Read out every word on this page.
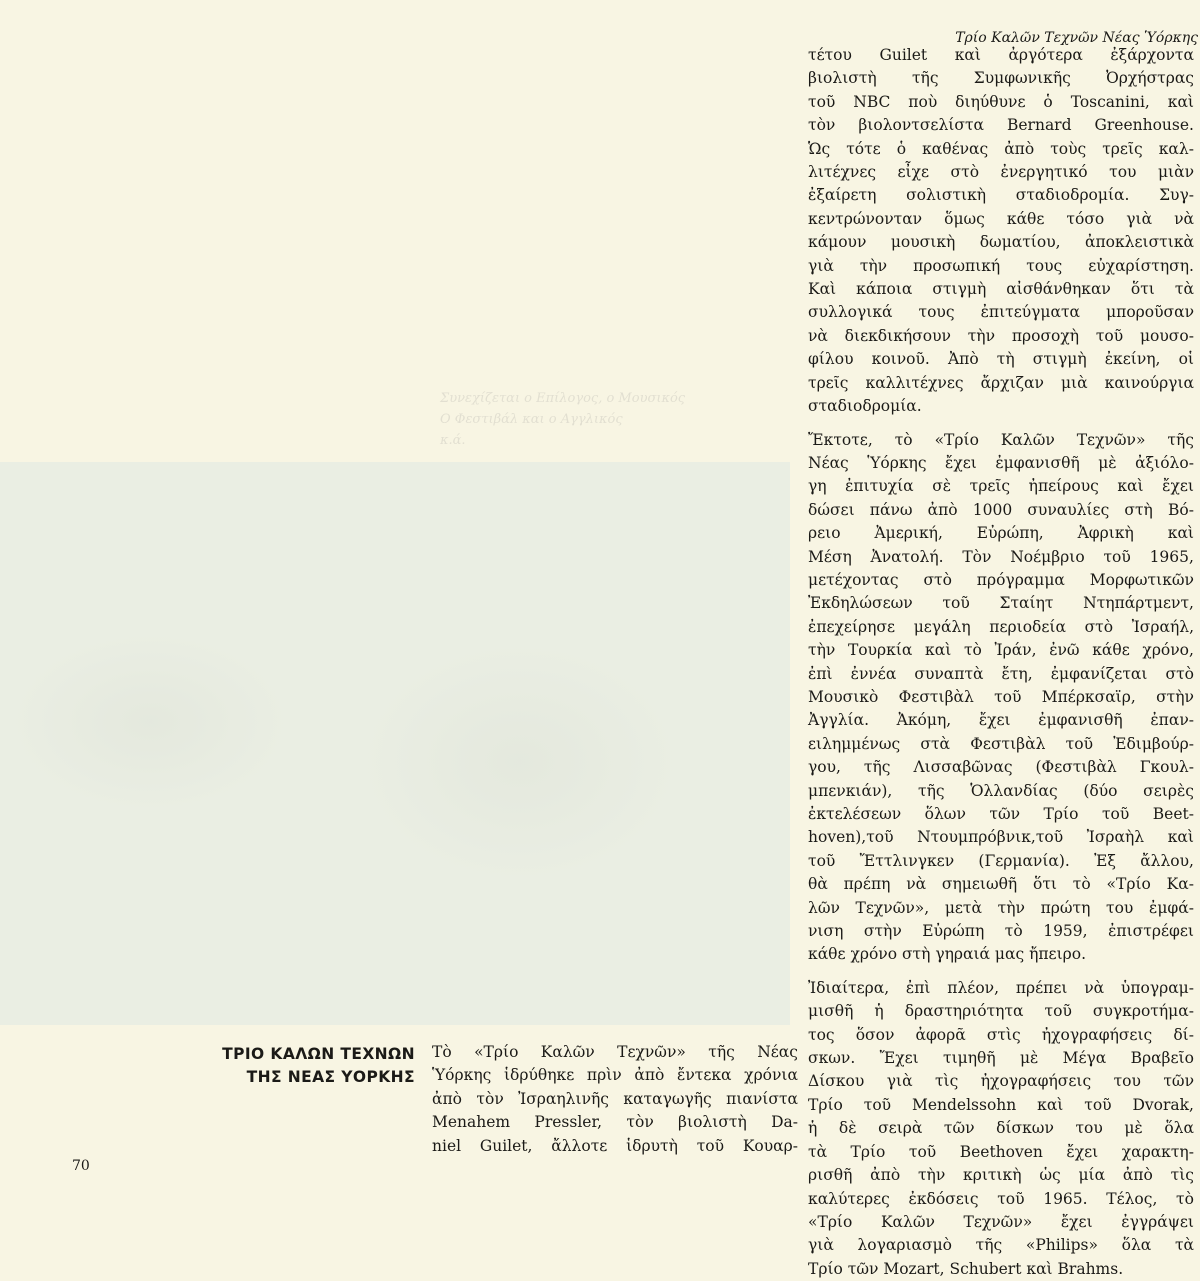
Συνεχίζεται ο Επίλογος, ο Μουσικός
Ο Φεστιβάλ και ο Αγγλικός
κ.ά.
Τρίο Καλῶν Τεχνῶν Νέας Ὑόρκης
τέτου Guilet καὶ ἀργότερα ἐξάρχοντα
βιολιστὴ τῆς Συμφωνικῆς Ὀρχήστρας
τοῦ NBC ποὺ διηύθυνε ὁ Toscanini, καὶ
τὸν βιολοντσελίστα Bernard Greenhouse.
Ὡς τότε ὁ καθένας ἀπὸ τοὺς τρεῖς καλ-
λιτέχνες εἶχε στὸ ἐνεργητικό του μιὰν
ἐξαίρετη σολιστικὴ σταδιοδρομία. Συγ-
κεντρώνονταν ὅμως κάθε τόσο γιὰ νὰ
κάμουν μουσικὴ δωματίου, ἀποκλειστικὰ
γιὰ τὴν προσωπική τους εὐχαρίστηση.
Καὶ κάποια στιγμὴ αἰσθάνθηκαν ὅτι τὰ
συλλογικά τους ἐπιτεύγματα μποροῦσαν
νὰ διεκδικήσουν τὴν προσοχὴ τοῦ μουσο-
φίλου κοινοῦ. Ἀπὸ τὴ στιγμὴ ἐκείνη, οἱ
τρεῖς καλλιτέχνες ἄρχιζαν μιὰ καινούργια
σταδιοδρομία.
Ἔκτοτε, τὸ «Τρίο Καλῶν Τεχνῶν» τῆς
Νέας Ὑόρκης ἔχει ἐμφανισθῆ μὲ ἀξιόλο-
γη ἐπιτυχία σὲ τρεῖς ἠπείρους καὶ ἔχει
δώσει πάνω ἀπὸ 1000 συναυλίες στὴ Βό-
ρειο Ἀμερική, Εὐρώπη, Ἀφρικὴ καὶ
Μέση Ἀνατολή. Τὸν Νοέμβριο τοῦ 1965,
μετέχοντας στὸ πρόγραμμα Μορφωτικῶν
Ἐκδηλώσεων τοῦ Σταίητ Ντηπάρτμεντ,
ἐπεχείρησε μεγάλη περιοδεία στὸ Ἰσραήλ,
τὴν Τουρκία καὶ τὸ Ἰράν, ἐνῶ κάθε χρόνο,
ἐπὶ ἐννέα συναπτὰ ἔτη, ἐμφανίζεται στὸ
Μουσικὸ Φεστιβὰλ τοῦ Μπέρκσαϊρ, στὴν
Ἀγγλία. Ἀκόμη, ἔχει ἐμφανισθῆ ἐπαν-
ειλημμένως στὰ Φεστιβὰλ τοῦ Ἐδιμβούρ-
γου, τῆς Λισσαβῶνας (Φεστιβὰλ Γκουλ-
μπενκιάν), τῆς Ὁλλανδίας (δύο σειρὲς
ἐκτελέσεων ὅλων τῶν Τρίο τοῦ Beet-
hoven),τοῦ Ντουμπρόβνικ,τοῦ Ἰσραὴλ καὶ
τοῦ Ἔττλινγκεν (Γερμανία). Ἐξ ἄλλου,
θὰ πρέπη νὰ σημειωθῆ ὅτι τὸ «Τρίο Κα-
λῶν Τεχνῶν», μετὰ τὴν πρώτη του ἐμφά-
νιση στὴν Εὐρώπη τὸ 1959, ἐπιστρέφει
κάθε χρόνο στὴ γηραιά μας ἤπειρο.
Ἰδιαίτερα, ἐπὶ πλέον, πρέπει νὰ ὑπογραμ-
μισθῆ ἡ δραστηριότητα τοῦ συγκροτήμα-
τος ὅσον ἀφορᾶ στὶς ἠχογραφήσεις δί-
σκων. Ἔχει τιμηθῆ μὲ Μέγα Βραβεῖο
Δίσκου γιὰ τὶς ἠχογραφήσεις του τῶν
Τρίο τοῦ Mendelssohn καὶ τοῦ Dvorak,
ἡ δὲ σειρὰ τῶν δίσκων του μὲ ὅλα
τὰ Τρίο τοῦ Beethoven ἔχει χαρακτη-
ρισθῆ ἀπὸ τὴν κριτικὴ ὡς μία ἀπὸ τὶς
καλύτερες ἐκδόσεις τοῦ 1965. Τέλος, τὸ
«Τρίο Καλῶν Τεχνῶν» ἔχει ἐγγράψει
γιὰ λογαριασμὸ τῆς «Philips» ὅλα τὰ
Τρίο τῶν Mozart, Schubert καὶ Brahms.
ΤΡΙΟ ΚΑΛΩΝ ΤΕΧΝΩΝ
ΤΗΣ ΝΕΑΣ ΥΟΡΚΗΣ
Τὸ «Τρίο Καλῶν Τεχνῶν» τῆς Νέας
Ὑόρκης ἱδρύθηκε πρὶν ἀπὸ ἔντεκα χρόνια
ἀπὸ τὸν Ἰσραηλινῆς καταγωγῆς πιανίστα
Menahem Pressler, τὸν βιολιστὴ Da-
niel Guilet, ἄλλοτε ἱδρυτὴ τοῦ Κουαρ-
70
